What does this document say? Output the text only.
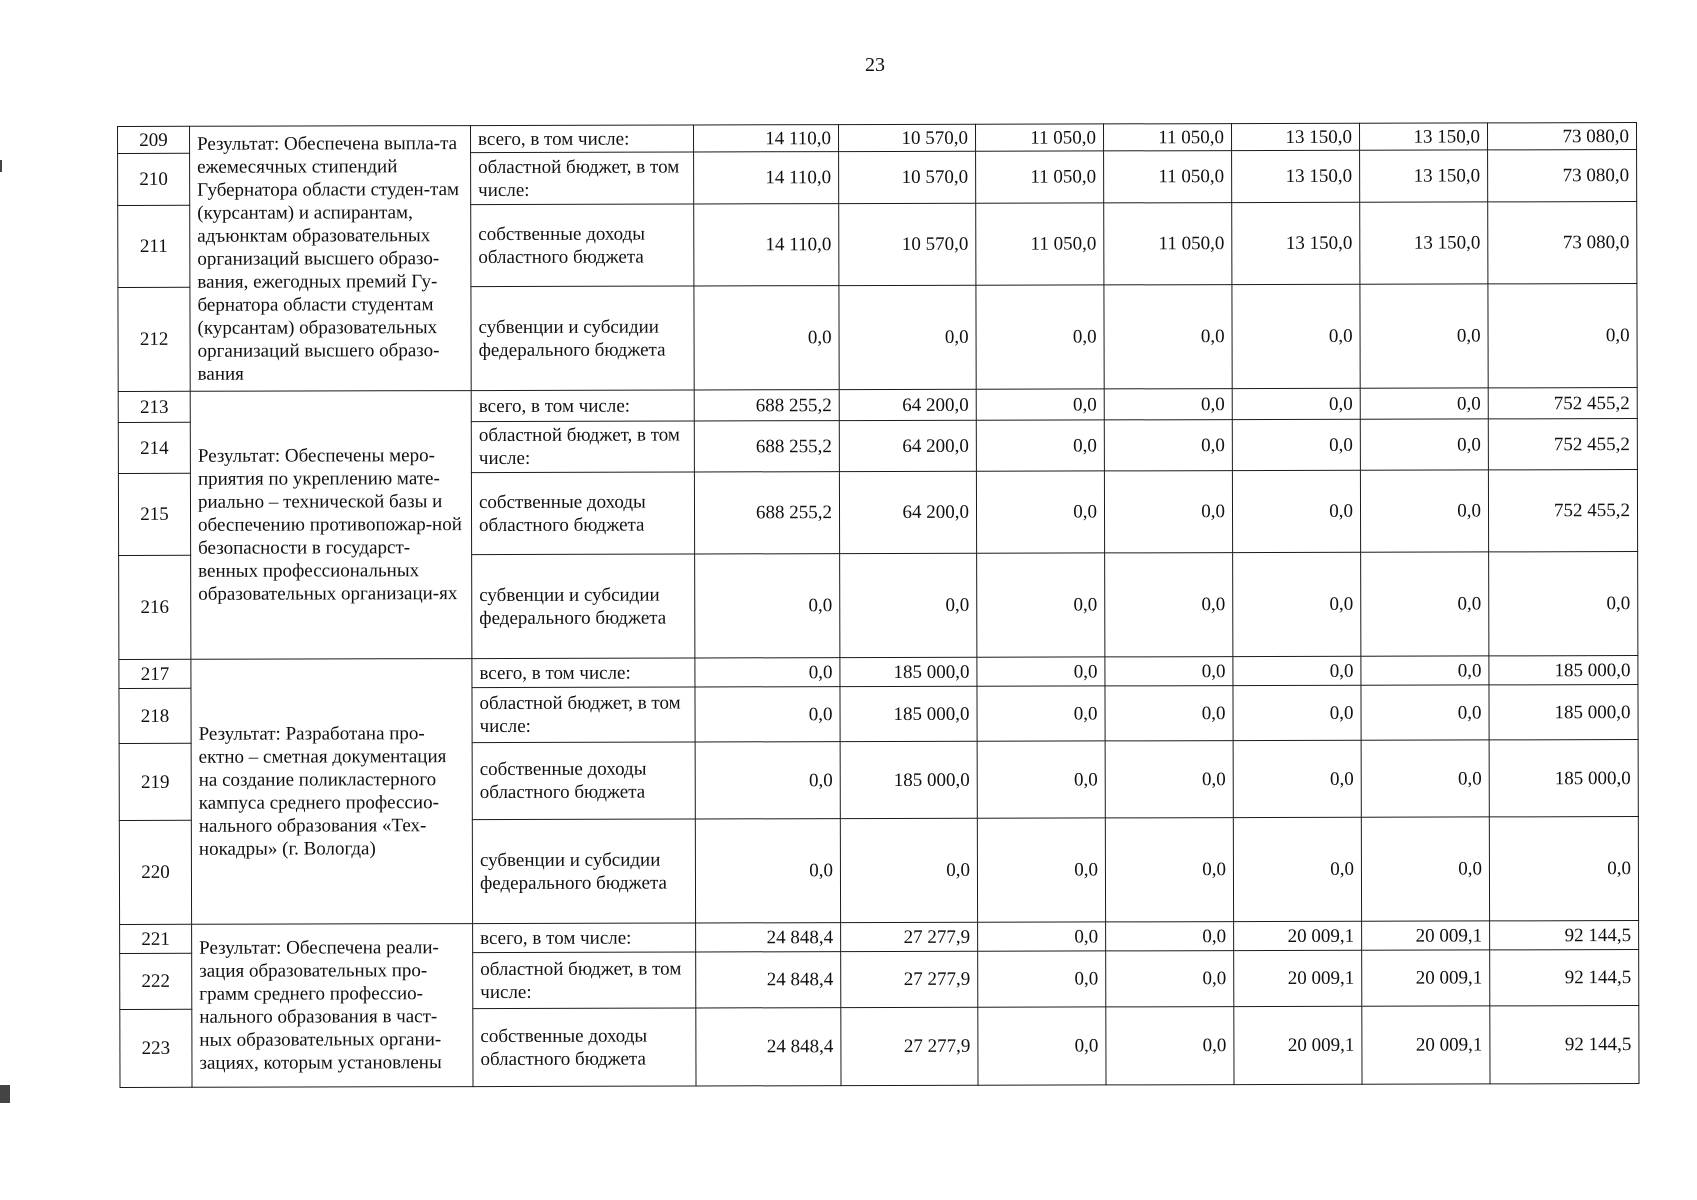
23
209	Результат: Обеспечена выпла-та ежемесячных стипендий Губернатора области студен-там (курсантам) и аспирантам, адъюнктам образовательных организаций высшего образо-вания, ежегодных премий Гу-бернатора области студентам (курсантам) образовательных организаций высшего образо-вания	всего, в том числе:	14 110,0	10 570,0	11 050,0	11 050,0	13 150,0	13 150,0	73 080,0
210		областной бюджет, в том числе:	14 110,0	10 570,0	11 050,0	11 050,0	13 150,0	13 150,0	73 080,0
211		собственные доходы областного бюджета	14 110,0	10 570,0	11 050,0	11 050,0	13 150,0	13 150,0	73 080,0
212		субвенции и субсидии федерального бюджета	0,0	0,0	0,0	0,0	0,0	0,0	0,0
213	Результат: Обеспечены меро-приятия по укреплению мате-риально – технической базы и обеспечению противопожар-ной безопасности в государст-венных профессиональных образовательных организаци-ях	всего, в том числе:	688 255,2	64 200,0	0,0	0,0	0,0	0,0	752 455,2
214		областной бюджет, в том числе:	688 255,2	64 200,0	0,0	0,0	0,0	0,0	752 455,2
215		собственные доходы областного бюджета	688 255,2	64 200,0	0,0	0,0	0,0	0,0	752 455,2
216		субвенции и субсидии федерального бюджета	0,0	0,0	0,0	0,0	0,0	0,0	0,0
217	Результат: Разработана про-ектно – сметная документация на создание поликластерного кампуса среднего профессио-нального образования «Тех-нокадры» (г. Вологда)	всего, в том числе:	0,0	185 000,0	0,0	0,0	0,0	0,0	185 000,0
218		областной бюджет, в том числе:	0,0	185 000,0	0,0	0,0	0,0	0,0	185 000,0
219		собственные доходы областного бюджета	0,0	185 000,0	0,0	0,0	0,0	0,0	185 000,0
220		субвенции и субсидии федерального бюджета	0,0	0,0	0,0	0,0	0,0	0,0	0,0
221	Результат: Обеспечена реали-зация образовательных про-грамм среднего профессио-нального образования в част-ных образовательных органи-зациях, которым установлены	всего, в том числе:	24 848,4	27 277,9	0,0	0,0	20 009,1	20 009,1	92 144,5
222		областной бюджет, в том числе:	24 848,4	27 277,9	0,0	0,0	20 009,1	20 009,1	92 144,5
223		собственные доходы областного бюджета	24 848,4	27 277,9	0,0	0,0	20 009,1	20 009,1	92 144,5
